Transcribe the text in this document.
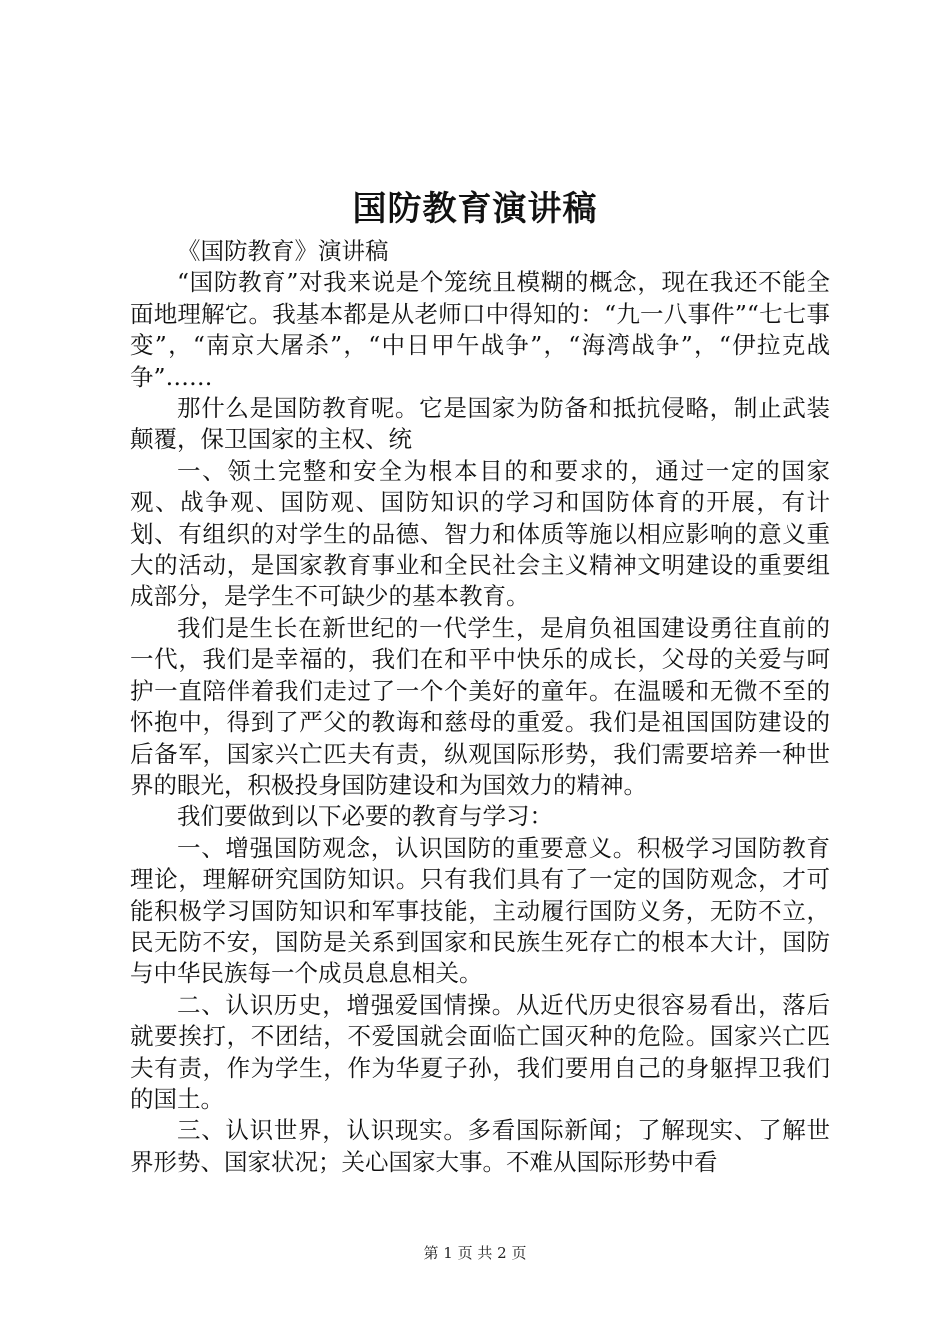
国防教育演讲稿

《国防教育》演讲稿

“国防教育”对我来说是个笼统且模糊的概念，现在我还不能全面地理解它。我基本都是从老师口中得知的：“九一八事件”“七七事变”，“南京大屠杀”，“中日甲午战争”，“海湾战争”，“伊拉克战争”……

那什么是国防教育呢。它是国家为防备和抵抗侵略，制止武装颠覆，保卫国家的主权、统

一、领土完整和安全为根本目的和要求的，通过一定的国家观、战争观、国防观、国防知识的学习和国防体育的开展，有计划、有组织的对学生的品德、智力和体质等施以相应影响的意义重大的活动，是国家教育事业和全民社会主义精神文明建设的重要组成部分，是学生不可缺少的基本教育。

我们是生长在新世纪的一代学生，是肩负祖国建设勇往直前的一代，我们是幸福的，我们在和平中快乐的成长，父母的关爱与呵护一直陪伴着我们走过了一个个美好的童年。在温暖和无微不至的怀抱中，得到了严父的教诲和慈母的重爱。我们是祖国国防建设的后备军，国家兴亡匹夫有责，纵观国际形势，我们需要培养一种世界的眼光，积极投身国防建设和为国效力的精神。

我们要做到以下必要的教育与学习：

一、增强国防观念，认识国防的重要意义。积极学习国防教育理论，理解研究国防知识。只有我们具有了一定的国防观念，才可能积极学习国防知识和军事技能，主动履行国防义务，无防不立，民无防不安，国防是关系到国家和民族生死存亡的根本大计，国防与中华民族每一个成员息息相关。

二、认识历史，增强爱国情操。从近代历史很容易看出，落后就要挨打，不团结，不爱国就会面临亡国灭种的危险。国家兴亡匹夫有责，作为学生，作为华夏子孙，我们要用自己的身躯捍卫我们的国土。

三、认识世界，认识现实。多看国际新闻；了解现实、了解世界形势、国家状况；关心国家大事。不难从国际形势中看

第 1 页 共 2 页
